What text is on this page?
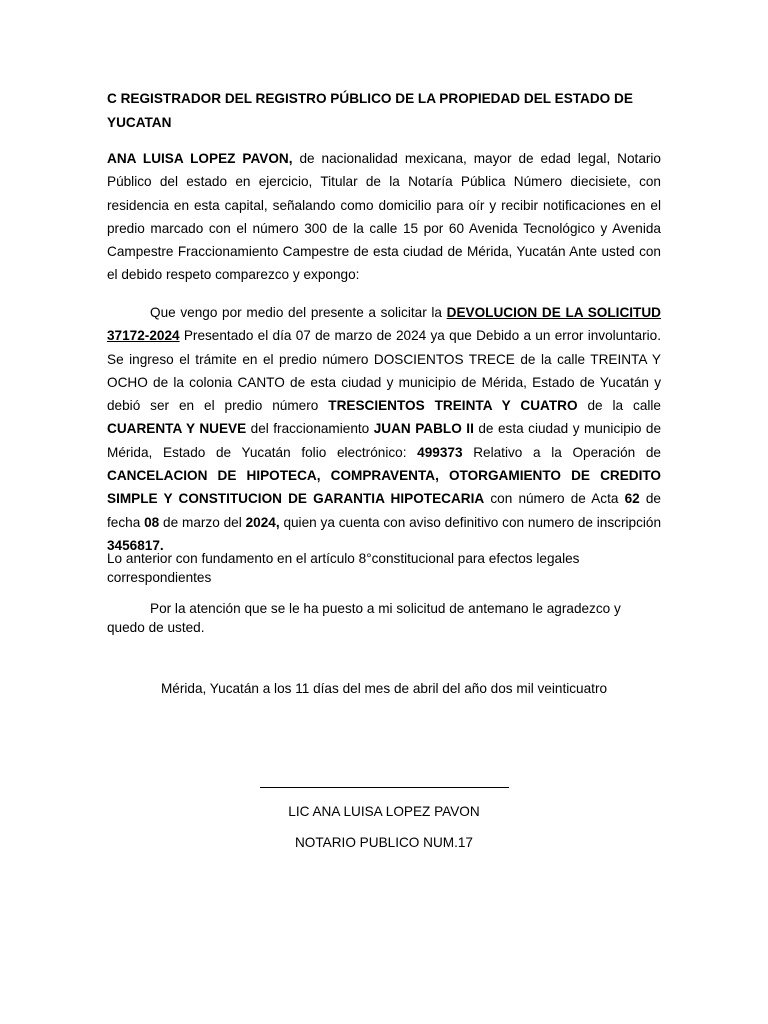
C REGISTRADOR DEL REGISTRO PÚBLICO DE LA PROPIEDAD DEL ESTADO DE YUCATAN
ANA LUISA LOPEZ PAVON, de nacionalidad mexicana, mayor de edad legal, Notario Público del estado en ejercicio, Titular de la Notaría Pública Número diecisiete, con residencia en esta capital, señalando como domicilio para oír y recibir notificaciones en el predio marcado con el número 300 de la calle 15 por 60 Avenida Tecnológico y Avenida Campestre Fraccionamiento Campestre de esta ciudad de Mérida, Yucatán Ante usted con el debido respeto comparezco y expongo:
Que vengo por medio del presente a solicitar la DEVOLUCION DE LA SOLICITUD 37172-2024 Presentado el día 07 de marzo de 2024 ya que Debido a un error involuntario. Se ingreso el trámite en el predio número DOSCIENTOS TRECE de la calle TREINTA Y OCHO de la colonia CANTO de esta ciudad y municipio de Mérida, Estado de Yucatán y debió ser en el predio número TRESCIENTOS TREINTA Y CUATRO de la calle CUARENTA Y NUEVE del fraccionamiento JUAN PABLO II de esta ciudad y municipio de Mérida, Estado de Yucatán folio electrónico: 499373 Relativo a la Operación de CANCELACION DE HIPOTECA, COMPRAVENTA, OTORGAMIENTO DE CREDITO SIMPLE Y CONSTITUCION DE GARANTIA HIPOTECARIA con número de Acta 62 de fecha 08 de marzo del 2024, quien ya cuenta con aviso definitivo con numero de inscripción 3456817.
Lo anterior con fundamento en el artículo 8°constitucional para efectos legales correspondientes
Por la atención que se le ha puesto a mi solicitud de antemano le agradezco y quedo de usted.
Mérida, Yucatán a los 11 días del mes de abril del año dos mil veinticuatro
LIC ANA LUISA LOPEZ PAVON
NOTARIO PUBLICO NUM.17
